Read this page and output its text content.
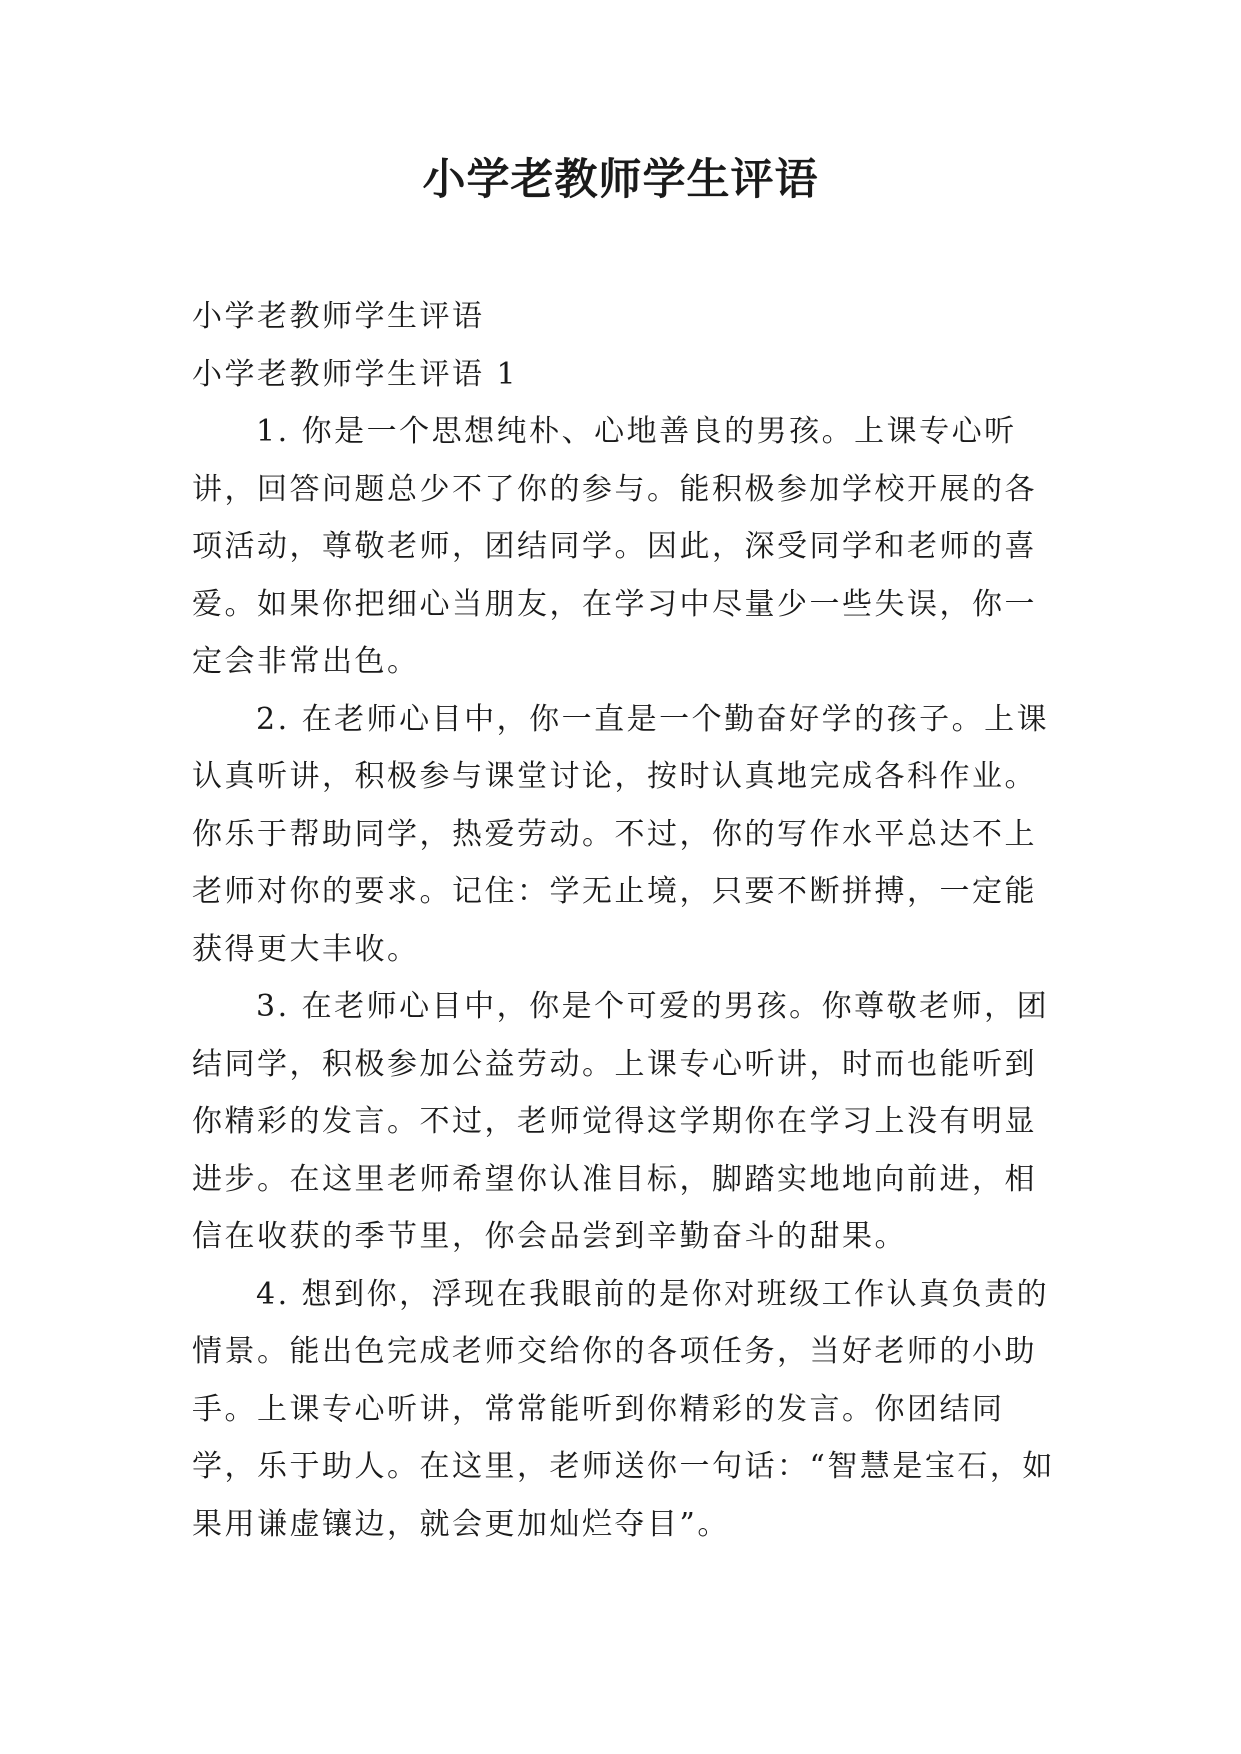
小学老教师学生评语

小学老教师学生评语

小学老教师学生评语 1

1. 你是一个思想纯朴、心地善良的男孩。上课专心听讲，回答问题总少不了你的参与。能积极参加学校开展的各项活动，尊敬老师，团结同学。因此，深受同学和老师的喜爱。如果你把细心当朋友，在学习中尽量少一些失误，你一定会非常出色。

2. 在老师心目中，你一直是一个勤奋好学的孩子。上课认真听讲，积极参与课堂讨论，按时认真地完成各科作业。你乐于帮助同学，热爱劳动。不过，你的写作水平总达不上老师对你的要求。记住：学无止境，只要不断拼搏，一定能获得更大丰收。

3. 在老师心目中，你是个可爱的男孩。你尊敬老师，团结同学，积极参加公益劳动。上课专心听讲，时而也能听到你精彩的发言。不过，老师觉得这学期你在学习上没有明显进步。在这里老师希望你认准目标，脚踏实地地向前进，相信在收获的季节里，你会品尝到辛勤奋斗的甜果。

4. 想到你，浮现在我眼前的是你对班级工作认真负责的情景。能出色完成老师交给你的各项任务，当好老师的小助手。上课专心听讲，常常能听到你精彩的发言。你团结同学，乐于助人。在这里，老师送你一句话：“智慧是宝石，如果用谦虚镶边，就会更加灿烂夺目”。
